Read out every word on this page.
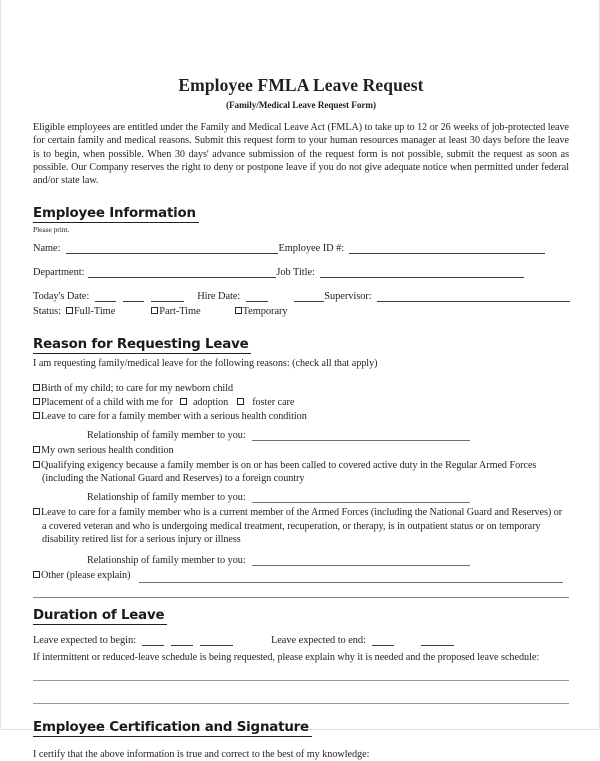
Employee FMLA Leave Request
(Family/Medical Leave Request Form)
Eligible employees are entitled under the Family and Medical Leave Act (FMLA) to take up to 12 or 26 weeks of job-protected leave for certain family and medical reasons. Submit this request form to your human resources manager at least 30 days before the leave is to begin, when possible. When 30 days' advance submission of the request form is not possible, submit the request as soon as possible. Our Company reserves the right to deny or postpone leave if you do not give adequate notice when permitted under federal and/or state law.
Employee Information
Please print.
Name:	Employee ID #:
Department:	Job Title:
Today's Date:	Hire Date:	Supervisor:
Status: Full-Time	Part-Time	Temporary
Reason for Requesting Leave
I am requesting family/medical leave for the following reasons: (check all that apply)
Birth of my child; to care for my newborn child
Placement of a child with me for adoption foster care
Leave to care for a family member with a serious health condition
Relationship of family member to you:
My own serious health condition
Qualifying exigency because a family member is on or has been called to covered active duty in the Regular Armed Forces (including the National Guard and Reserves) to a foreign country
Relationship of family member to you:
Leave to care for a family member who is a current member of the Armed Forces (including the National Guard and Reserves) or a covered veteran and who is undergoing medical treatment, recuperation, or therapy, is in outpatient status or on temporary disability retired list for a serious injury or illness
Relationship of family member to you:
Other (please explain)
Duration of Leave
Leave expected to begin:	Leave expected to end:
If intermittent or reduced-leave schedule is being requested, please explain why it is needed and the proposed leave schedule:
Employee Certification and Signature
I certify that the above information is true and correct to the best of my knowledge:
